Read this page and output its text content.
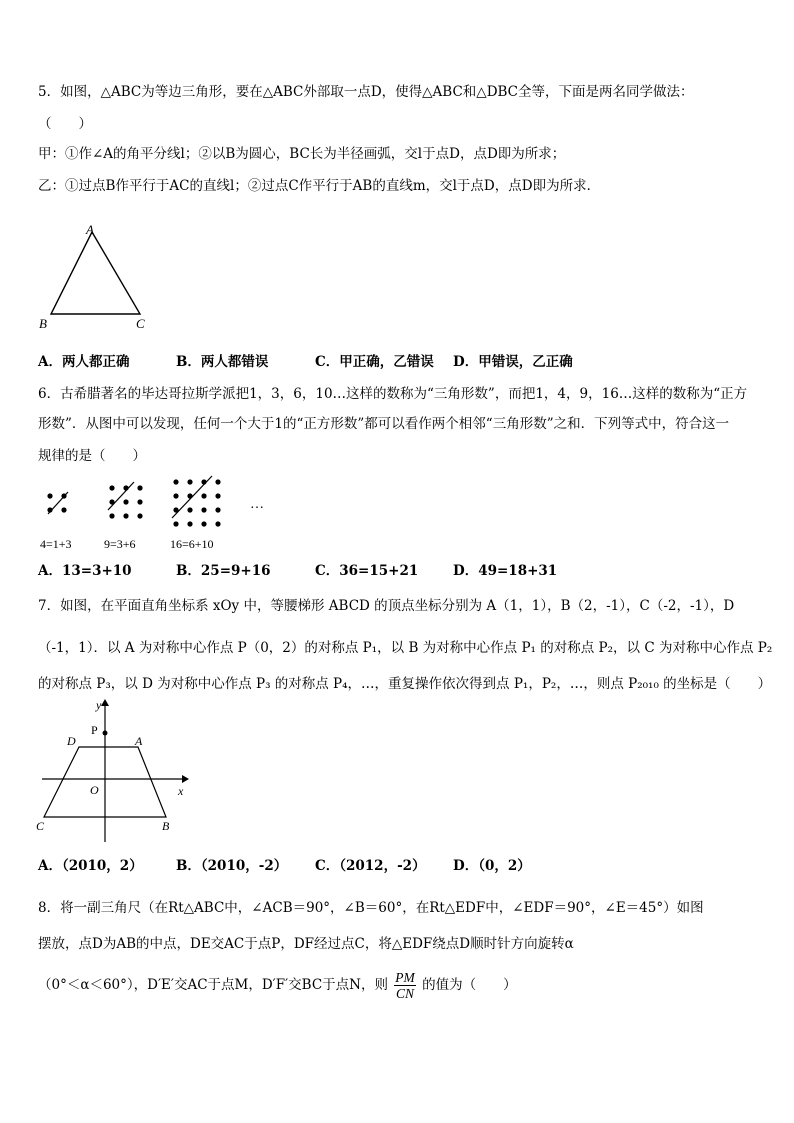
5．如图，△ABC为等边三角形，要在△ABC外部取一点D，使得△ABC和△DBC全等，下面是两名同学做法：
（　　）
甲：①作∠A的角平分线l；②以B为圆心，BC长为半径画弧，交l于点D，点D即为所求；
乙：①过点B作平行于AC的直线l；②过点C作平行于AB的直线m，交l于点D，点D即为所求．
A
B	C
A．两人都正确	B．两人都错误	C．甲正确，乙错误 D．甲错误，乙正确
6．古希腊著名的毕达哥拉斯学派把1，3，6，10…这样的数称为“三角形数”，而把1，4，9，16…这样的数称为“正方
形数”．从图中可以发现，任何一个大于1的“正方形数”都可以看作两个相邻“三角形数”之和．下列等式中，符合这一
规律的是（　　）
…
4=1+3	9=3+6	16=6+10
A．13=3+10	B．25=9+16	C．36=15+21	D．49=18+31
7．如图，在平面直角坐标系 xOy 中，等腰梯形 ABCD 的顶点坐标分别为 A（1，1），B（2，-1），C（-2，-1），D
（-1，1）．以 A 为对称中心作点 P（0，2）的对称点 P₁，以 B 为对称中心作点 P₁ 的对称点 P₂，以 C 为对称中心作点 P₂
的对称点 P₃，以 D 为对称中心作点 P₃ 的对称点 P₄，…，重复操作依次得到点 P₁，P₂，…，则点 P₂₀₁₀ 的坐标是（　　）
y
P
D	A
O	x
C	B
A．（2010，2） B．（2010，-2） C．（2012，-2） D．（0，2）
8．将一副三角尺（在Rt△ABC中，∠ACB＝90°，∠B＝60°，在Rt△EDF中，∠EDF＝90°，∠E＝45°）如图
摆放，点D为AB的中点，DE交AC于点P，DF经过点C，将△EDF绕点D顺时针方向旋转α
（0°＜α＜60°），D′E′交AC于点M，D′F′交BC于点N，则 $\frac{PM}{CN}$ 的值为（　　）
